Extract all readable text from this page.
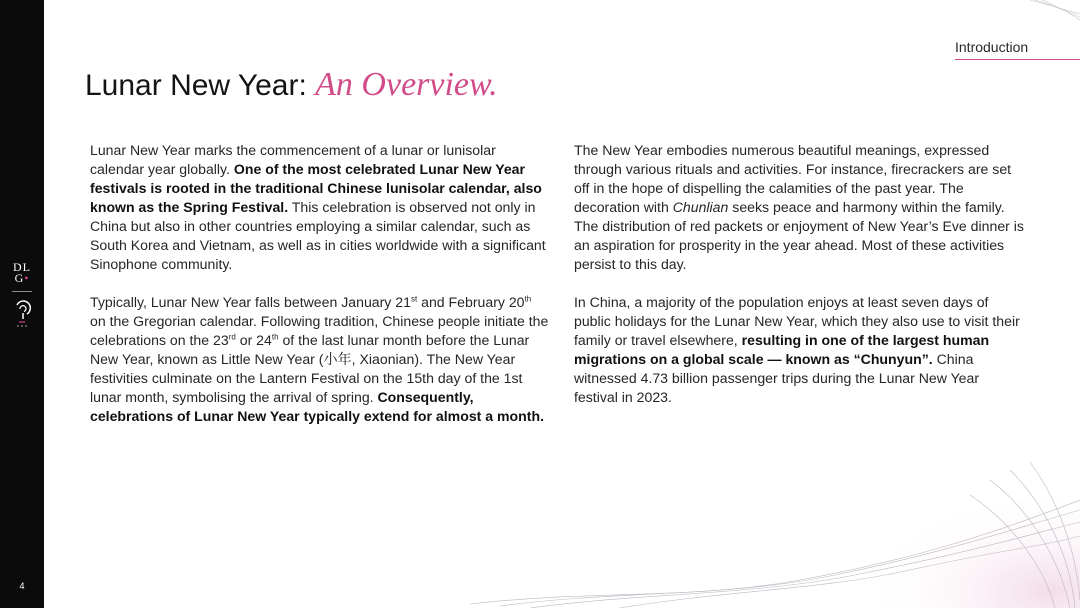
DL
G•
4
Introduction
Lunar New Year: An Overview.

Lunar New Year marks the commencement of a lunar or lunisolar calendar year globally. One of the most celebrated Lunar New Year festivals is rooted in the traditional Chinese lunisolar calendar, also known as the Spring Festival. This celebration is observed not only in China but also in other countries employing a similar calendar, such as South Korea and Vietnam, as well as in cities worldwide with a significant Sinophone community.

Typically, Lunar New Year falls between January 21st and February 20th on the Gregorian calendar. Following tradition, Chinese people initiate the celebrations on the 23rd or 24th of the last lunar month before the Lunar New Year, known as Little New Year (小年, Xiaonian). The New Year festivities culminate on the Lantern Festival on the 15th day of the 1st lunar month, symbolising the arrival of spring. Consequently, celebrations of Lunar New Year typically extend for almost a month.

The New Year embodies numerous beautiful meanings, expressed through various rituals and activities. For instance, firecrackers are set off in the hope of dispelling the calamities of the past year. The decoration with Chunlian seeks peace and harmony within the family. The distribution of red packets or enjoyment of New Year’s Eve dinner is an aspiration for prosperity in the year ahead. Most of these activities persist to this day.

In China, a majority of the population enjoys at least seven days of public holidays for the Lunar New Year, which they also use to visit their family or travel elsewhere, resulting in one of the largest human migrations on a global scale — known as “Chunyun”. China witnessed 4.73 billion passenger trips during the Lunar New Year festival in 2023.
